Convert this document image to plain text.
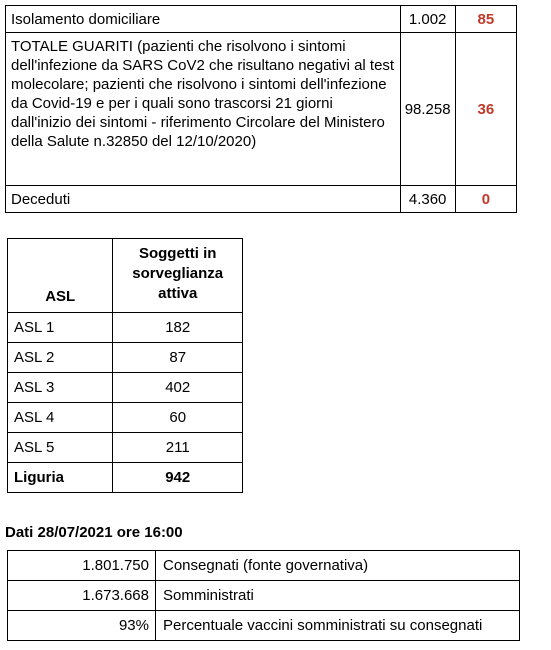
Isolamento domiciliare	1.002	85
TOTALE GUARITI (pazienti che risolvono i sintomi dell'infezione da SARS CoV2 che risultano negativi al test molecolare; pazienti che risolvono i sintomi dell'infezione da Covid-19 e per i quali sono trascorsi 21 giorni dall'inizio dei sintomi - riferimento Circolare del Ministero della Salute n.32850 del 12/10/2020)	98.258	36
Deceduti	4.360	0
ASL	Soggetti in sorveglianza attiva
ASL 1	182
ASL 2	87
ASL 3	402
ASL 4	60
ASL 5	211
Liguria	942

Dati 28/07/2021 ore 16:00

1.801.750	Consegnati (fonte governativa)
1.673.668	Somministrati
93%	Percentuale vaccini somministrati su consegnati
